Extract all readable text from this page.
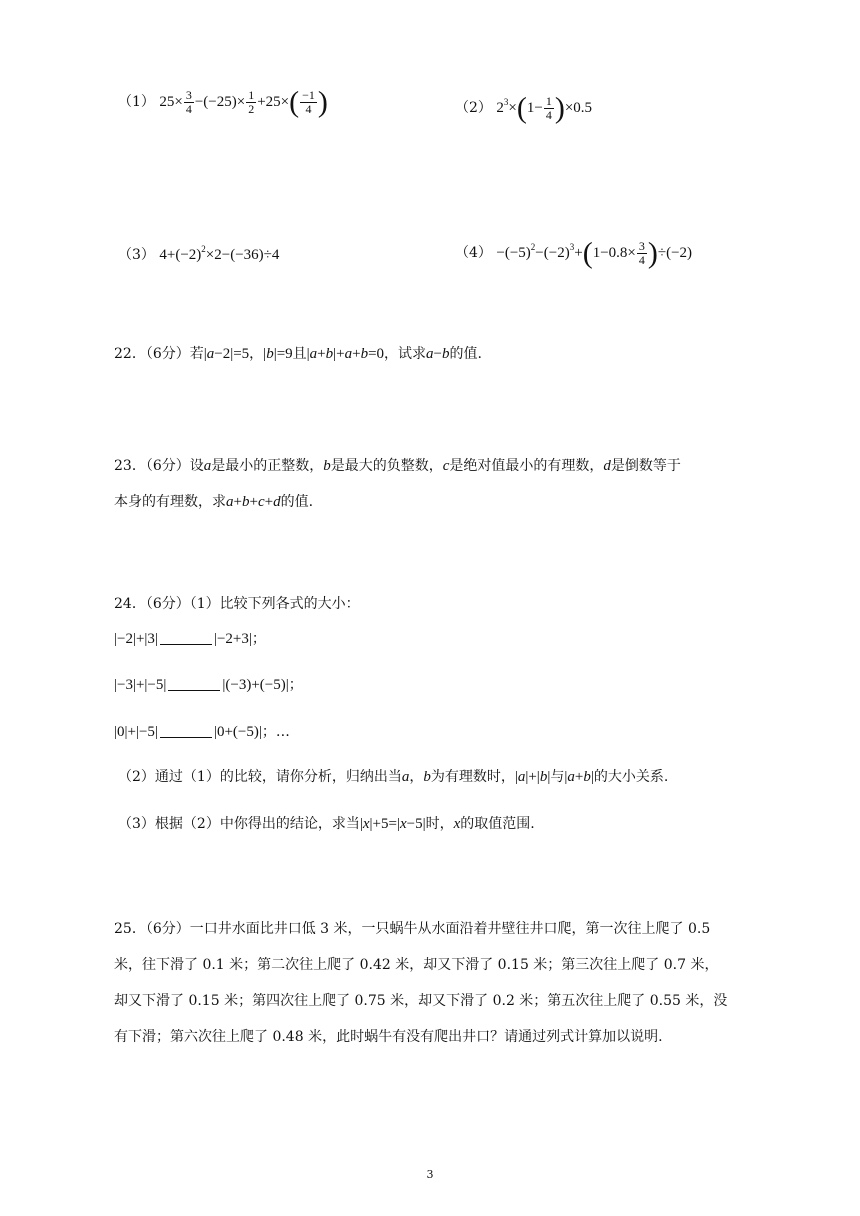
（1） $25\times \frac{3}{4} -(-25)\times \frac{1}{2} +25\times( \frac{-1}{4}$ )	（2） $2^3\times(1- \frac{1}{4} )\times 0.5$
（3） $4+(-2)^2\times 2-(-36)\div 4$	$(4) -(-5)^2-(-2)^3+(1-0.8\times \frac{3}{4} )\div(-2)$
22．（6分）若|a−2|=5，|b|=9且|a+b|+a+b=0，试求a−b的值.
23．（6分）设a是最小的正整数，b是最大的负整数，c是绝对值最小的有理数，d是倒数等于
本身的有理数，求a+b+c+d的值.
24．（6分）（1）比较下列各式的大小：
|−2|+|3|	|−2+3|；
|−3|+|−5|	|(−3)+(−5)|；
|0|+|−5|	|0+(−5)|；…
（2）通过（1）的比较，请你分析，归纳出当a，b为有理数时，|a|+|b|与|a+b|的大小关系.
（3）根据（2）中你得出的结论，求当|x|+5=|x−5|时，x的取值范围.
25．（6分）一口井水面比井口低 3 米，一只蜗牛从水面沿着井壁往井口爬，第一次往上爬了 0.5
米，往下滑了 0.1 米；第二次往上爬了 0.42 米，却又下滑了 0.15 米；第三次往上爬了 0.7 米，
却又下滑了 0.15 米；第四次往上爬了 0.75 米，却又下滑了 0.2 米；第五次往上爬了 0.55 米，没
有下滑；第六次往上爬了 0.48 米，此时蜗牛有没有爬出井口？请通过列式计算加以说明.
3
